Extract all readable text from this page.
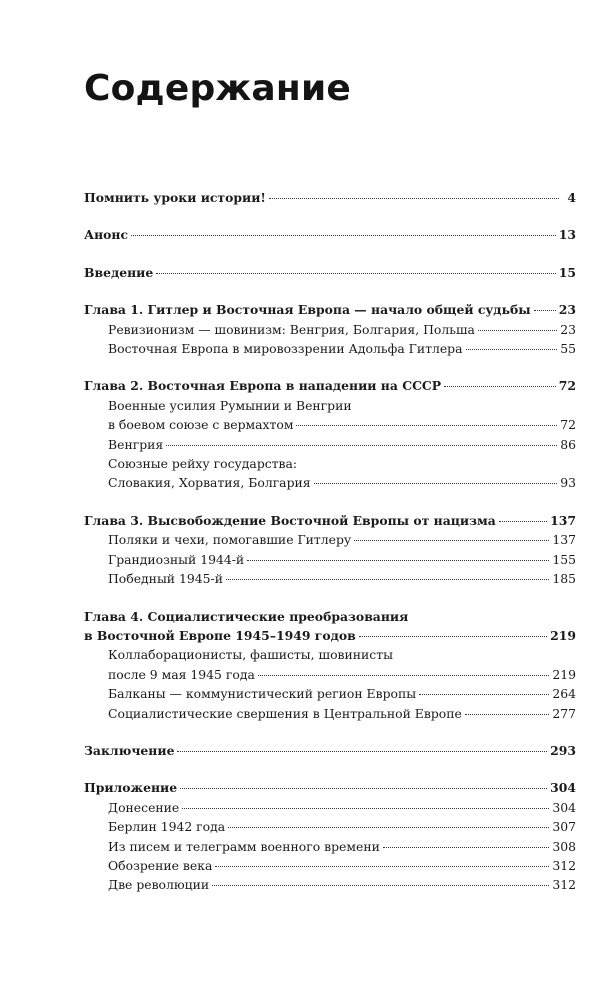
Содержание
Помнить уроки истории!	4
Анонс	13
Введение	15
Глава 1. Гитлер и Восточная Европа — начало общей судьбы 23
Ревизионизм — шовинизм: Венгрия, Болгария, Польша	23
Восточная Европа в мировоззрении Адольфа Гитлера	55
Глава 2. Восточная Европа в нападении на СССР	72
Военные усилия Румынии и Венгрии
в боевом союзе с вермахтом	72
Венгрия	86
Союзные рейху государства:
Словакия, Хорватия, Болгария	93
Глава 3. Высвобождение Восточной Европы от нацизма	137
Поляки и чехи, помогавшие Гитлеру	137
Грандиозный 1944-й	155
Победный 1945-й	185
Глава 4. Социалистические преобразования
в Восточной Европе 1945–1949 годов	219
Коллаборационисты, фашисты, шовинисты
после 9 мая 1945 года	219
Балканы — коммунистический регион Европы	264
Социалистические свершения в Центральной Европе	277
Заключение	293
Приложение	304
Донесение	304
Берлин 1942 года	307
Из писем и телеграмм военного времени	308
Обозрение века	312
Две революции	312
